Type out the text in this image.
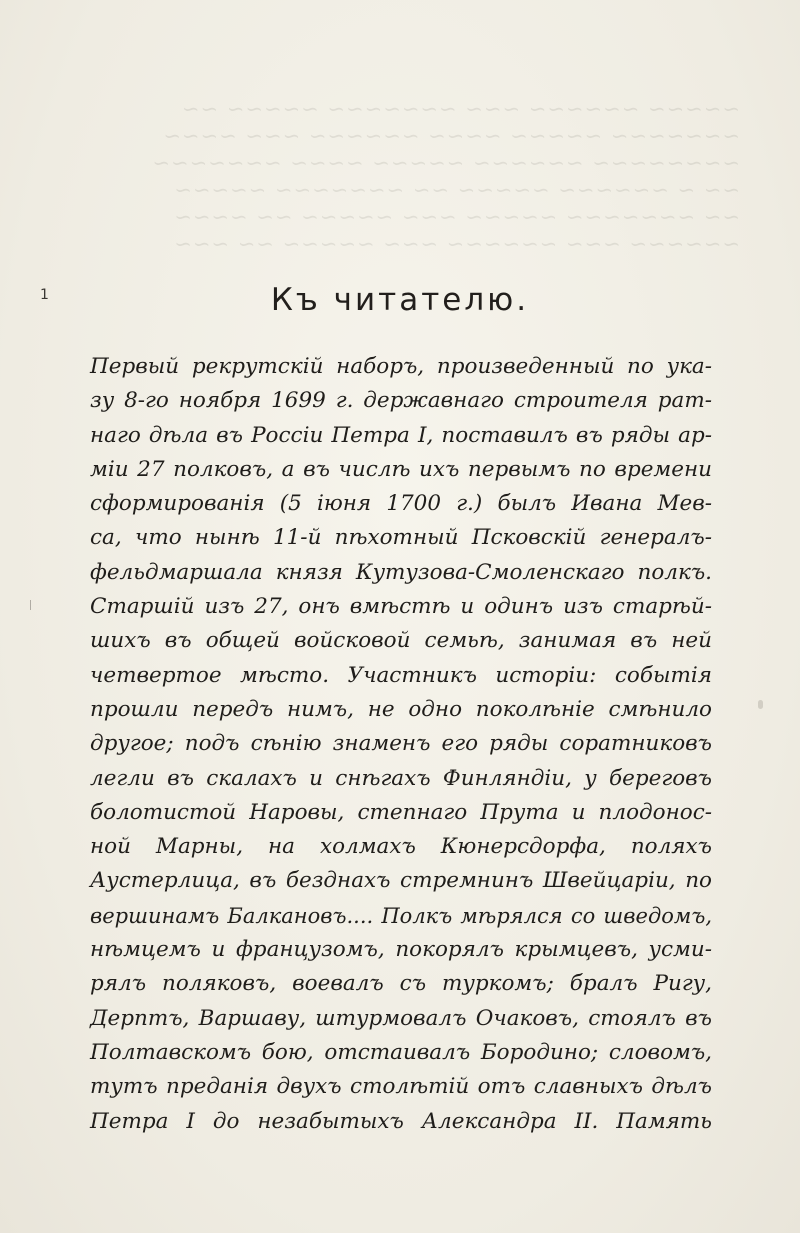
~~~~~ ~~~~~~ ~~~ ~~~~~~~ ~~~~~ ~~
~~~~~~~ ~~~~~ ~~~~ ~~~~~~ ~~~ ~~~~
~~~~~~~~ ~~~~~~ ~~~~~ ~~~~ ~~~~~~~
~~ ~ ~~~~~~ ~~~~~ ~~ ~~~~~~~ ~~~~~
~~ ~~~~~~~ ~~~~~ ~~~ ~~~~~ ~~ ~~~~
~~~~~~ ~~~ ~~~~~~ ~~~ ~~~~~ ~~ ~~~
1	Къ читателю.
Первый рекрутскій наборъ, произведенный по ука-
зу 8-го ноября 1699 г. державнаго строителя рат-
наго дѣла въ Россіи Петра I, поставилъ въ ряды ар-
міи 27 полковъ, а въ числѣ ихъ первымъ по времени
сформированія (5 іюня 1700 г.) былъ Ивана Мев-
са, что нынѣ 11-й пѣхотный Псковскій генералъ-
фельдмаршала князя Кутузова-Смоленскаго полкъ.
Старшій изъ 27, онъ вмѣстѣ и одинъ изъ старѣй-
шихъ въ общей войсковой семьѣ, занимая въ ней
четвертое мѣсто. Участникъ исторіи: событія
прошли передъ нимъ, не одно поколѣніе смѣнило
другое; подъ сѣнію знаменъ его ряды соратниковъ
легли въ скалахъ и снѣгахъ Финляндіи, у береговъ
болотистой Наровы, степнаго Прута и плодонос-
ной Марны, на холмахъ Кюнерсдорфа, поляхъ
Аустерлица, въ безднахъ стремнинъ Швейцаріи, по
вершинамъ Балкановъ.... Полкъ мѣрялся со шведомъ,
нѣмцемъ и французомъ, покорялъ крымцевъ, усми-
рялъ поляковъ, воевалъ съ туркомъ; бралъ Ригу,
Дерптъ, Варшаву, штурмовалъ Очаковъ, стоялъ въ
Полтавскомъ бою, отстаивалъ Бородино; словомъ,
тутъ преданія двухъ столѣтій отъ славныхъ дѣлъ
Петра I до незабытыхъ Александра II. Память
